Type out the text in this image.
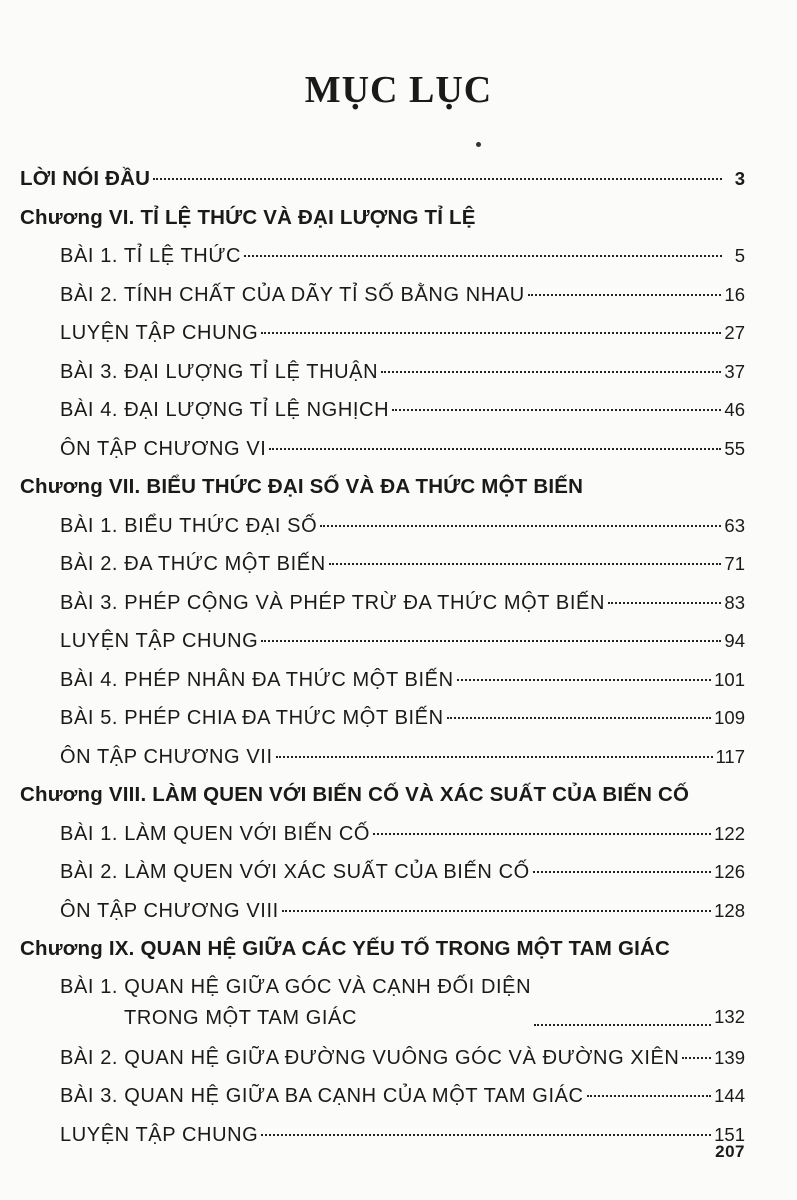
MỤC LỤC
LỜI NÓI ĐẦU	3
Chương VI. TỈ LỆ THỨC VÀ ĐẠI LƯỢNG TỈ LỆ
BÀI 1. TỈ LỆ THỨC	5
BÀI 2. TÍNH CHẤT CỦA DÃY TỈ SỐ BẰNG NHAU	16
LUYỆN TẬP CHUNG	27
BÀI 3. ĐẠI LƯỢNG TỈ LỆ THUẬN	37
BÀI 4. ĐẠI LƯỢNG TỈ LỆ NGHỊCH	46
ÔN TẬP CHƯƠNG VI	55
Chương VII. BIỂU THỨC ĐẠI SỐ VÀ ĐA THỨC MỘT BIẾN
BÀI 1. BIỂU THỨC ĐẠI SỐ	63
BÀI 2. ĐA THỨC MỘT BIẾN	71
BÀI 3. PHÉP CỘNG VÀ PHÉP TRỪ ĐA THỨC MỘT BIẾN	83
LUYỆN TẬP CHUNG	94
BÀI 4. PHÉP NHÂN ĐA THỨC MỘT BIẾN	101
BÀI 5. PHÉP CHIA ĐA THỨC MỘT BIẾN	109
ÔN TẬP CHƯƠNG VII	117
Chương VIII. LÀM QUEN VỚI BIẾN CỐ VÀ XÁC SUẤT CỦA BIẾN CỐ
BÀI 1. LÀM QUEN VỚI BIẾN CỐ	122
BÀI 2. LÀM QUEN VỚI XÁC SUẤT CỦA BIẾN CỐ	126
ÔN TẬP CHƯƠNG VIII	128
Chương IX. QUAN HỆ GIỮA CÁC YẾU TỐ TRONG MỘT TAM GIÁC
BÀI 1. QUAN HỆ GIỮA GÓC VÀ CẠNH ĐỐI DIỆN
TRONG MỘT TAM GIÁC	132
BÀI 2. QUAN HỆ GIỮA ĐƯỜNG VUÔNG GÓC VÀ ĐƯỜNG XIÊN 139
BÀI 3. QUAN HỆ GIỮA BA CẠNH CỦA MỘT TAM GIÁC	144
LUYỆN TẬP CHUNG	151
207
